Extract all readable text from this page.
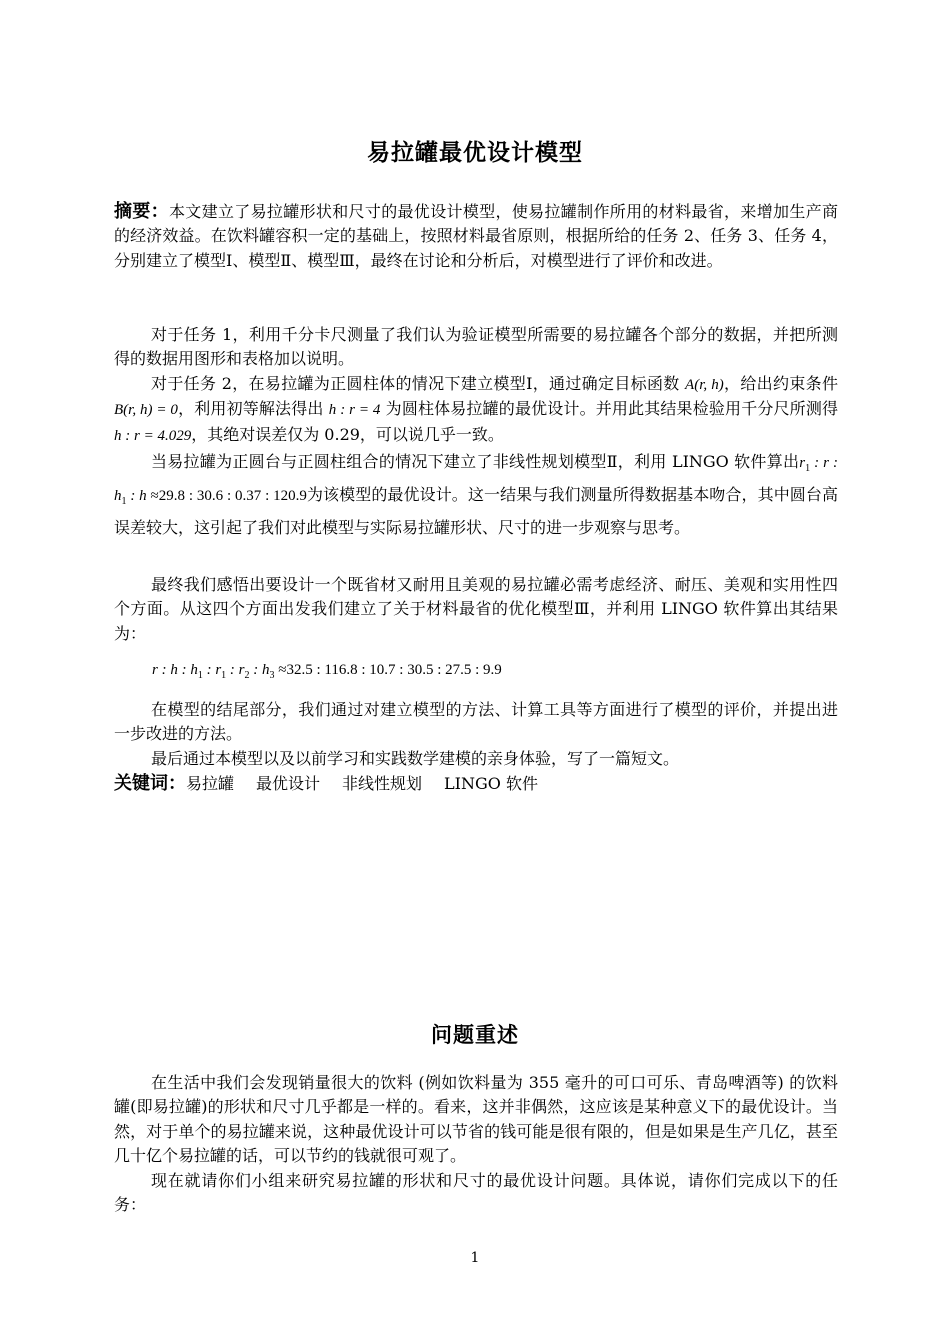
易拉罐最优设计模型
摘要：本文建立了易拉罐形状和尺寸的最优设计模型，使易拉罐制作所用的材料最省，来增加生产商的经济效益。在饮料罐容积一定的基础上，按照材料最省原则，根据所给的任务 2、任务 3、任务 4，分别建立了模型Ⅰ、模型Ⅱ、模型Ⅲ，最终在讨论和分析后，对模型进行了评价和改进。
对于任务 1，利用千分卡尺测量了我们认为验证模型所需要的易拉罐各个部分的数据，并把所测得的数据用图形和表格加以说明。
对于任务 2，在易拉罐为正圆柱体的情况下建立模型Ⅰ，通过确定目标函数 A(r, h)，给出约束条件 B(r, h) = 0，利用初等解法得出 h : r = 4 为圆柱体易拉罐的最优设计。并用此其结果检验用千分尺所测得 h : r = 4.029，其绝对误差仅为 0.29，可以说几乎一致。
当易拉罐为正圆台与正圆柱组合的情况下建立了非线性规划模型Ⅱ，利用 LINGO 软件算出$r_1$ : r : $h_1$ : h ≈29.8 : 30.6 : 0.37 : 120.9为该模型的最优设计。这一结果与我们测量所得数据基本吻合，其中圆台高误差较大，这引起了我们对此模型与实际易拉罐形状、尺寸的进一步观察与思考。
最终我们感悟出要设计一个既省材又耐用且美观的易拉罐必需考虑经济、耐压、美观和实用性四个方面。从这四个方面出发我们建立了关于材料最省的优化模型Ⅲ，并利用 LINGO 软件算出其结果为：
r : h : $h_1$ : $r_1$ : $r_2$ : $h_3 \approx 32.5$ : 116.8 : 10.7 : 30.5 : 27.5 : 9.9
在模型的结尾部分，我们通过对建立模型的方法、计算工具等方面进行了模型的评价，并提出进一步改进的方法。
最后通过本模型以及以前学习和实践数学建模的亲身体验，写了一篇短文。
关键词：易拉罐 最优设计 非线性规划 LINGO 软件
问题重述
在生活中我们会发现销量很大的饮料 (例如饮料量为 355 毫升的可口可乐、青岛啤酒等) 的饮料罐(即易拉罐)的形状和尺寸几乎都是一样的。看来，这并非偶然，这应该是某种意义下的最优设计。当然，对于单个的易拉罐来说，这种最优设计可以节省的钱可能是很有限的，但是如果是生产几亿，甚至几十亿个易拉罐的话，可以节约的钱就很可观了。
现在就请你们小组来研究易拉罐的形状和尺寸的最优设计问题。具体说，请你们完成以下的任务：
1
